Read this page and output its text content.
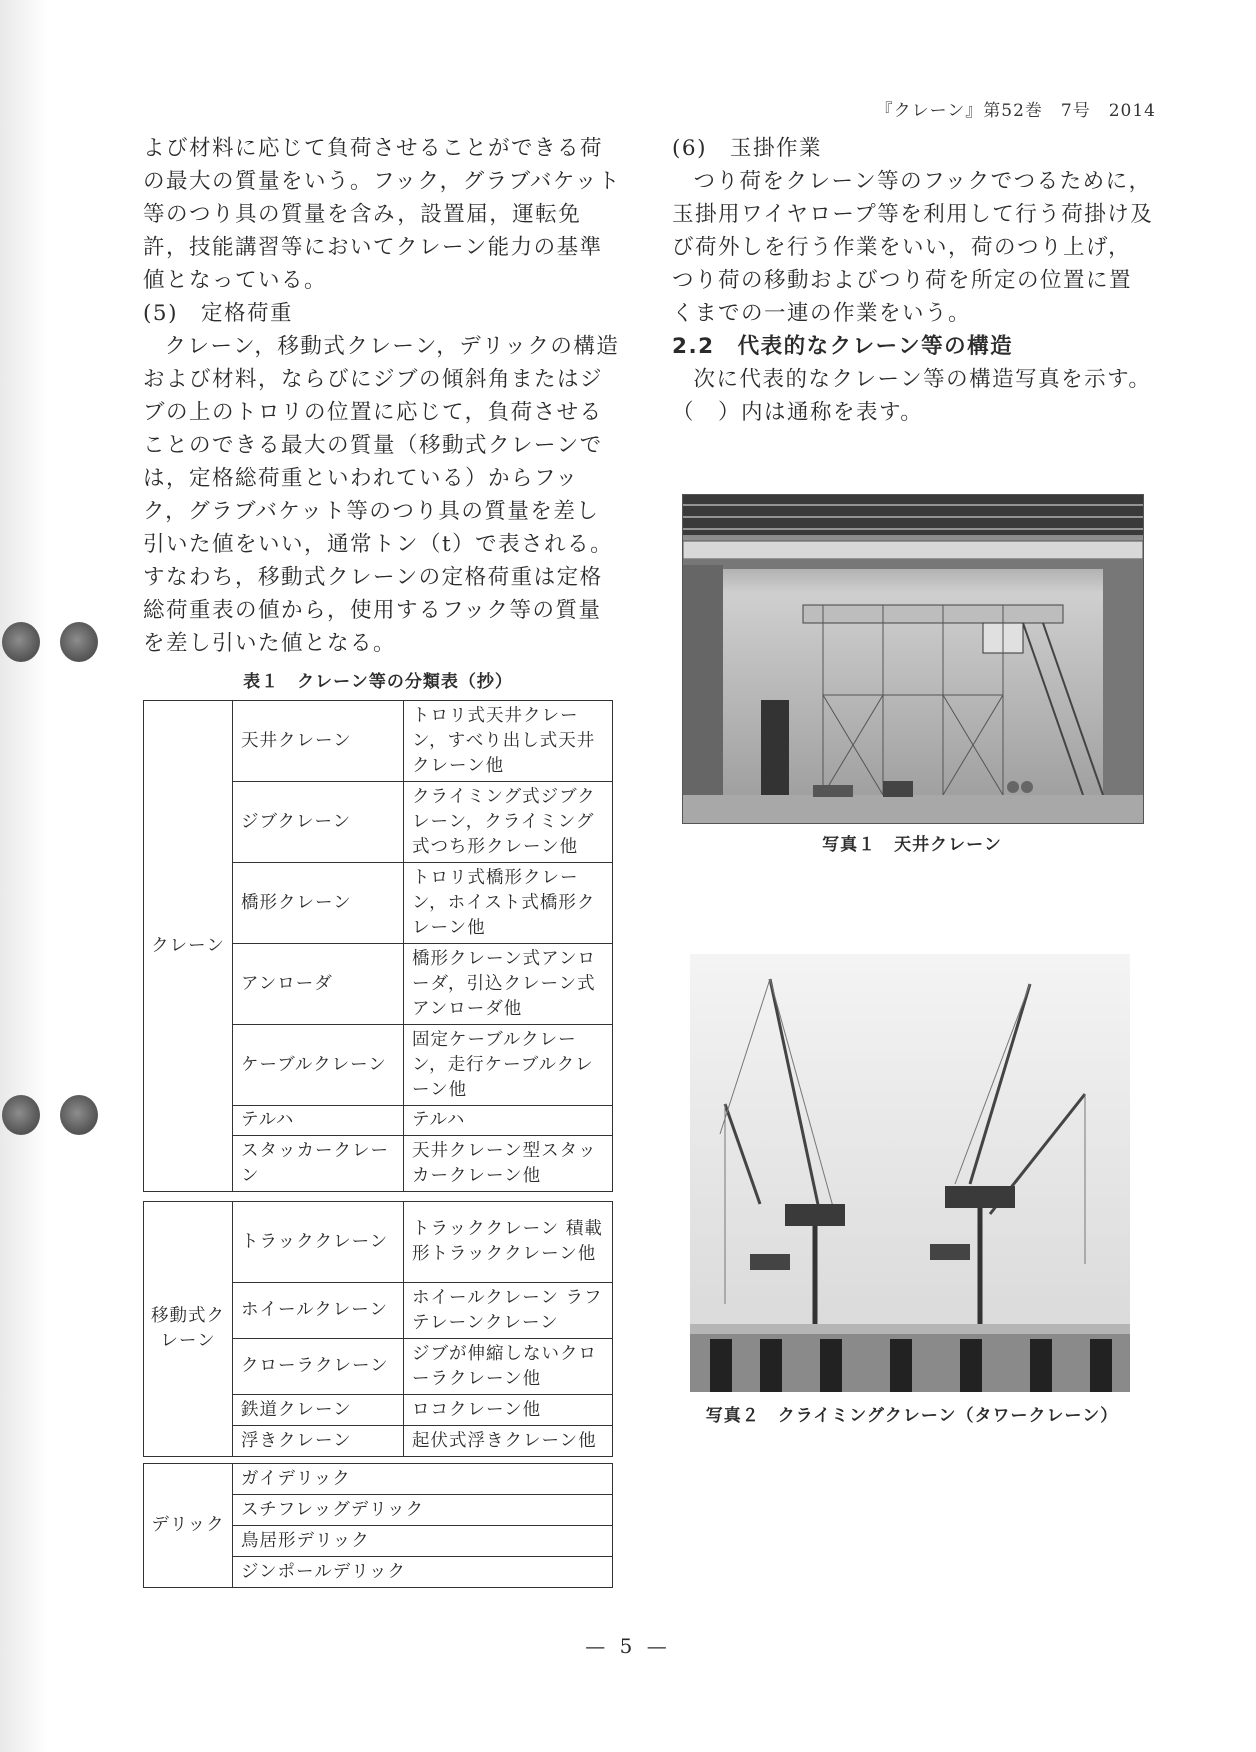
『クレーン』第52巻　7号　2014

よび材料に応じて負荷させることができる荷の最大の質量をいう。フック，グラブバケット等のつり具の質量を含み，設置届，運転免許，技能講習等においてクレーン能力の基準値となっている。

(5)　定格荷重

クレーン，移動式クレーン，デリックの構造および材料，ならびにジブの傾斜角またはジブの上のトロリの位置に応じて，負荷させることのできる最大の質量（移動式クレーンでは，定格総荷重といわれている）からフック，グラブバケット等のつり具の質量を差し引いた値をいい，通常トン（t）で表される。すなわち，移動式クレーンの定格荷重は定格総荷重表の値から，使用するフック等の質量を差し引いた値となる。

表１　クレーン等の分類表（抄）
クレーン	天井クレーン	トロリ式天井クレーン，すべり出し式天井クレーン他
	ジブクレーン	クライミング式ジブクレーン，クライミング式つち形クレーン他
	橋形クレーン	トロリ式橋形クレーン，ホイスト式橋形クレーン他
	アンローダ	橋形クレーン式アンローダ，引込クレーン式アンローダ他
	ケーブルクレーン	固定ケーブルクレーン，走行ケーブルクレーン他
	テルハ	テルハ
	スタッカークレーン	天井クレーン型スタッカークレーン他
移動式クレーン	トラッククレーン	トラッククレーン 積載形トラッククレーン他
	ホイールクレーン	ホイールクレーン ラフテレーンクレーン
	クローラクレーン	ジブが伸縮しないクローラクレーン他
	鉄道クレーン	ロコクレーン他
	浮きクレーン	起伏式浮きクレーン他
デリック	ガイデリック
スチフレッグデリック
鳥居形デリック
ジンポールデリック

(6)　玉掛作業

つり荷をクレーン等のフックでつるために，玉掛用ワイヤロープ等を利用して行う荷掛け及び荷外しを行う作業をいい，荷のつり上げ，つり荷の移動およびつり荷を所定の位置に置くまでの一連の作業をいう。

2.2　代表的なクレーン等の構造

次に代表的なクレーン等の構造写真を示す。

（　）内は通称を表す。

写真１　天井クレーン
写真２　クライミングクレーン（タワークレーン）
— 5 —
